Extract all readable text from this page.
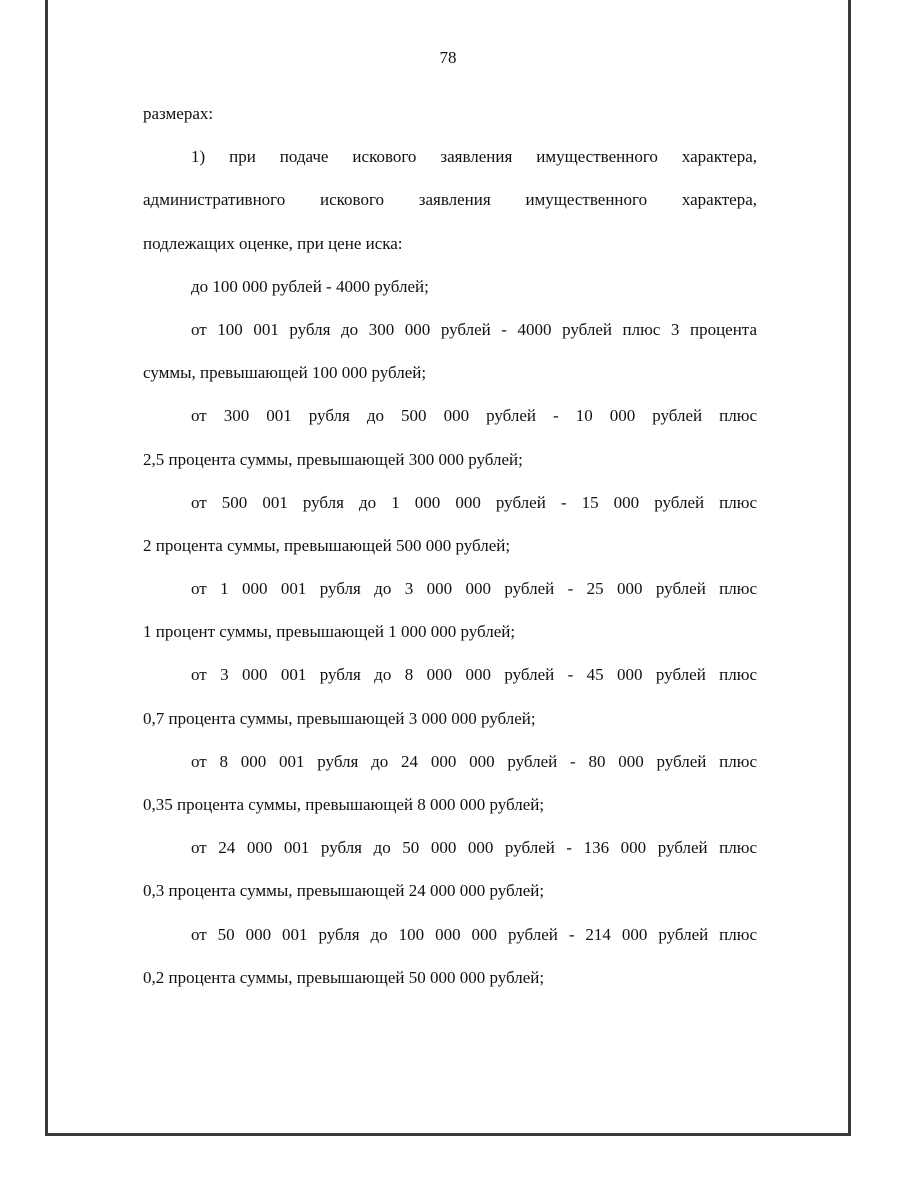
78
размерах:
1) при подаче искового заявления имущественного характера,
административного искового заявления имущественного характера,
подлежащих оценке, при цене иска:
до 100 000 рублей - 4000 рублей;
от 100 001 рубля до 300 000 рублей - 4000 рублей плюс 3 процента
суммы, превышающей 100 000 рублей;
от 300 001 рубля до 500 000 рублей - 10 000 рублей плюс
2,5 процента суммы, превышающей 300 000 рублей;
от 500 001 рубля до 1 000 000 рублей - 15 000 рублей плюс
2 процента суммы, превышающей 500 000 рублей;
от 1 000 001 рубля до 3 000 000 рублей - 25 000 рублей плюс
1 процент суммы, превышающей 1 000 000 рублей;
от 3 000 001 рубля до 8 000 000 рублей - 45 000 рублей плюс
0,7 процента суммы, превышающей 3 000 000 рублей;
от 8 000 001 рубля до 24 000 000 рублей - 80 000 рублей плюс
0,35 процента суммы, превышающей 8 000 000 рублей;
от 24 000 001 рубля до 50 000 000 рублей - 136 000 рублей плюс
0,3 процента суммы, превышающей 24 000 000 рублей;
от 50 000 001 рубля до 100 000 000 рублей - 214 000 рублей плюс
0,2 процента суммы, превышающей 50 000 000 рублей;
